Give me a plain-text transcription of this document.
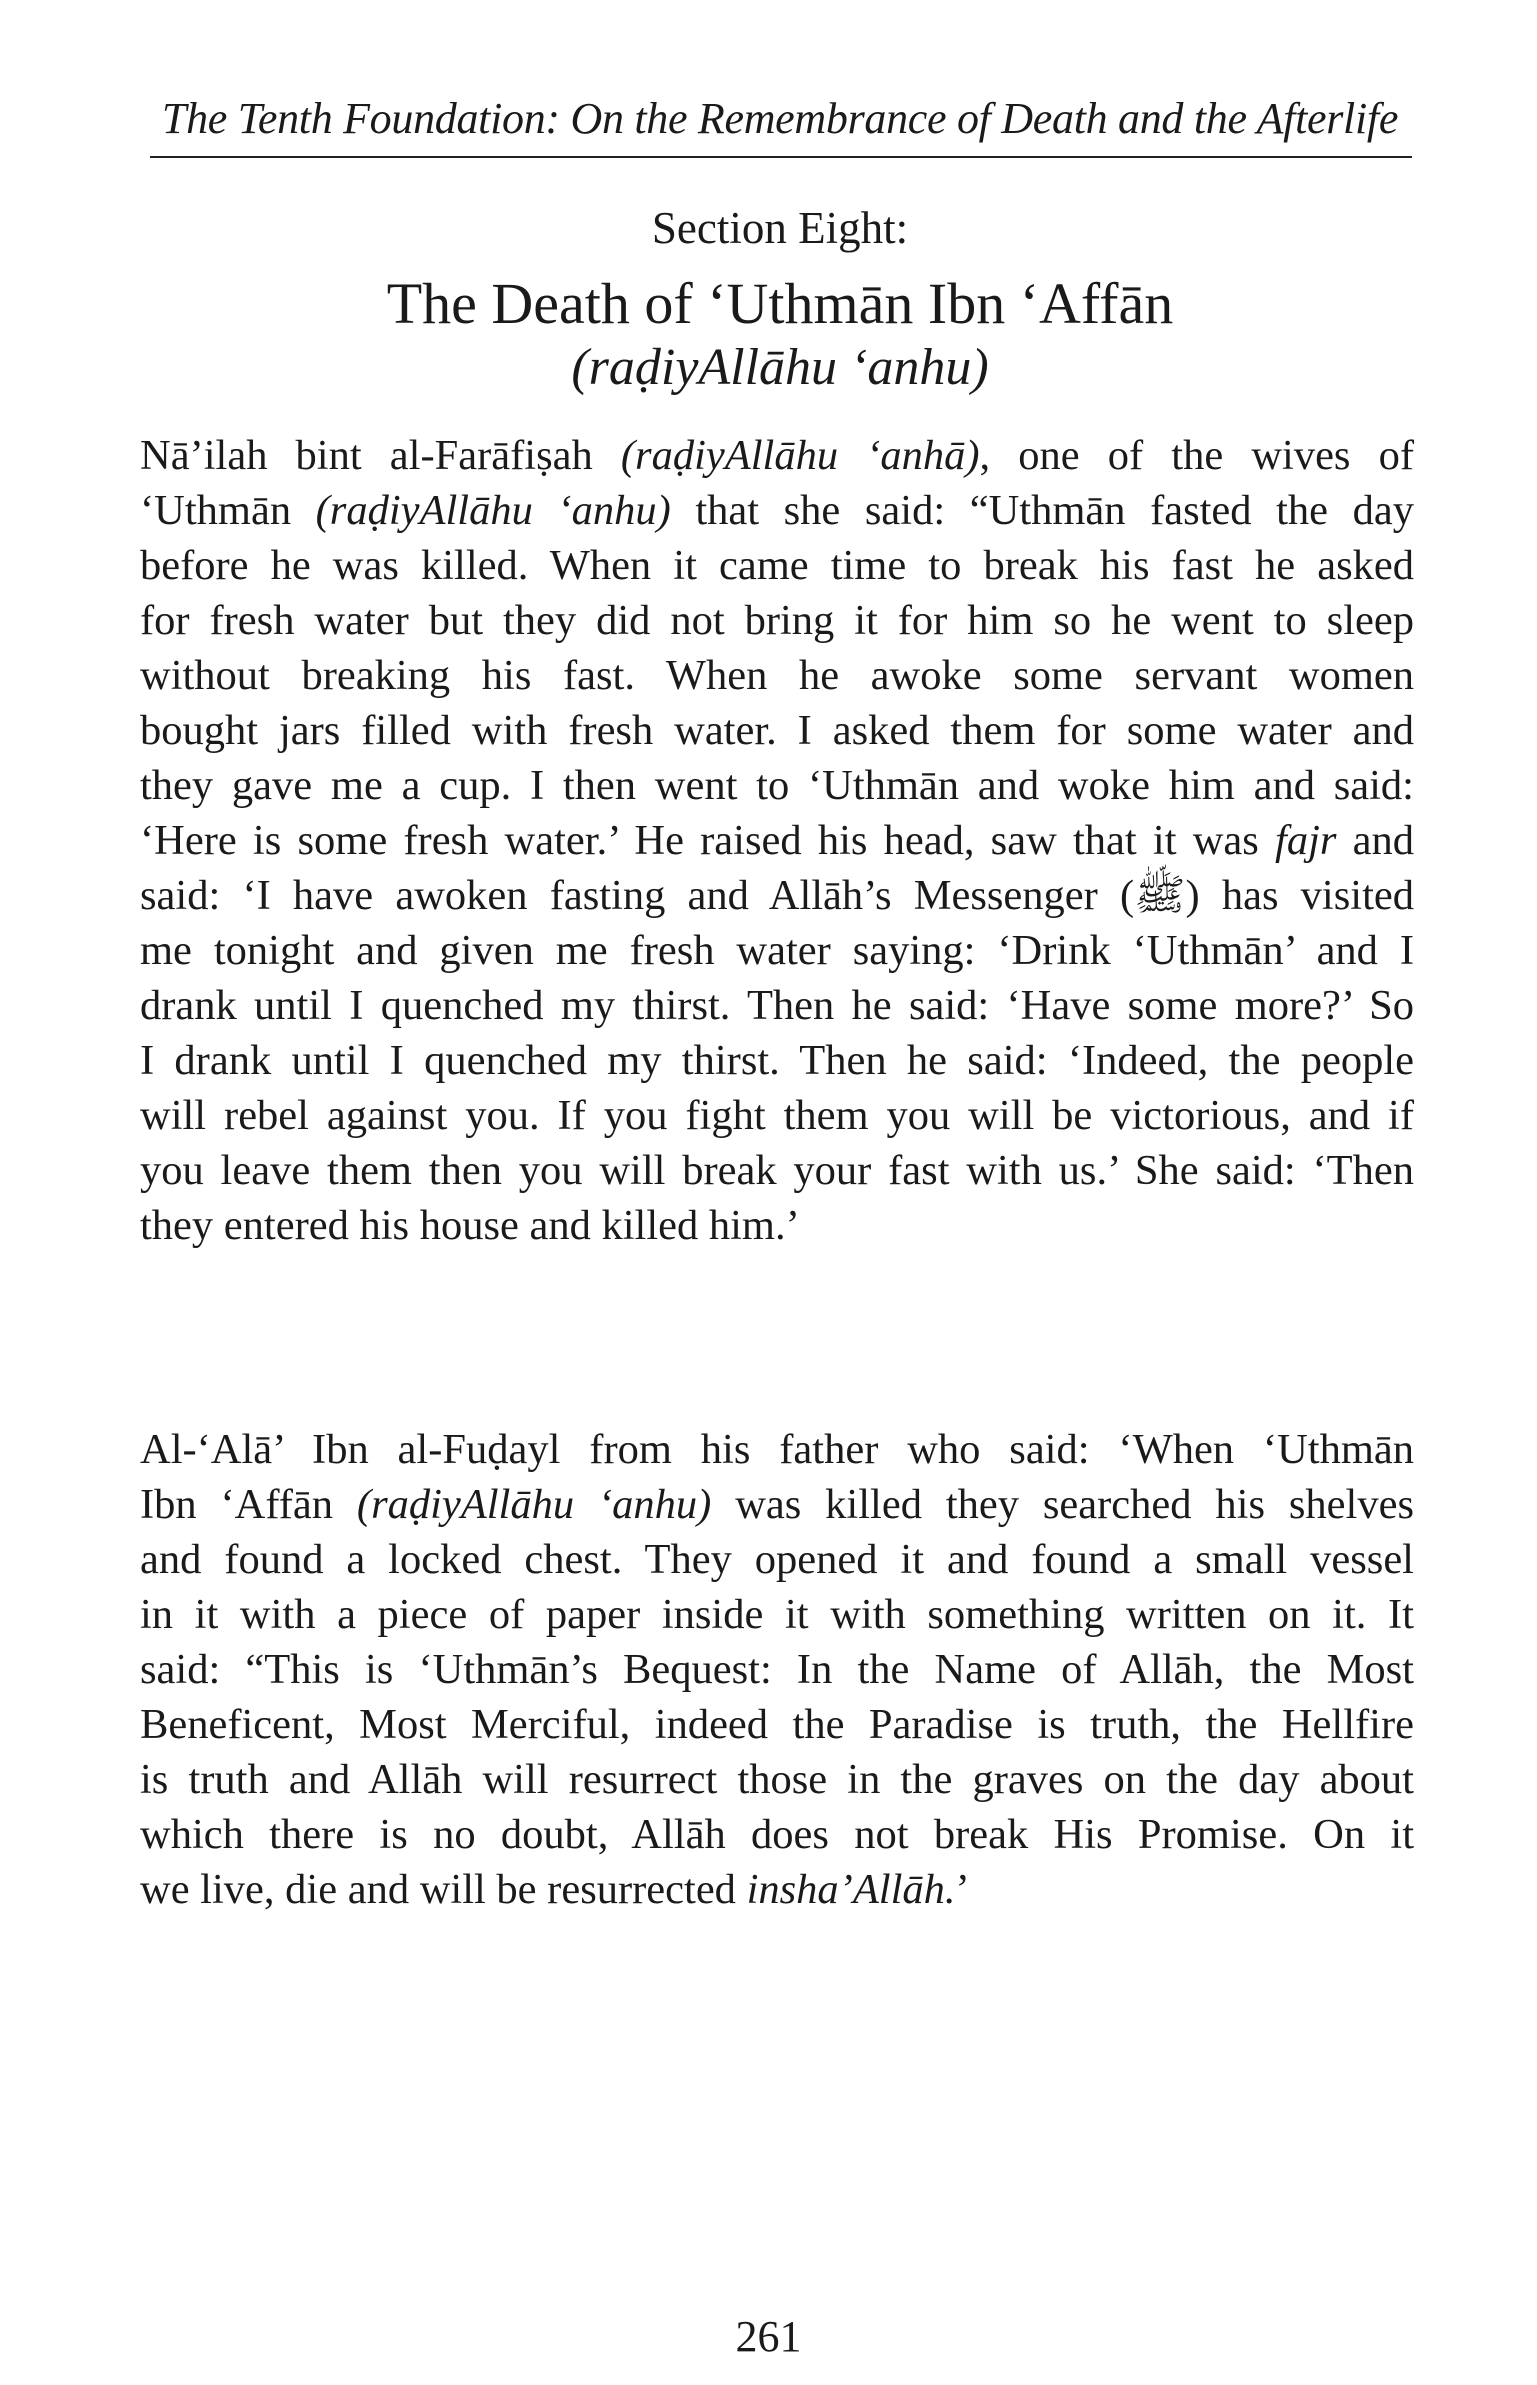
The Tenth Foundation: On the Remembrance of Death and the Afterlife
Section Eight:
The Death of ‘Uthmān Ibn ‘Affān
(raḍiyAllāhu ‘anhu)
Nā’ilah bint al-Farāfiṣah (raḍiyAllāhu ‘anhā), one of the wives of
‘Uthmān (raḍiyAllāhu ‘anhu) that she said: “Uthmān fasted the day
before he was killed. When it came time to break his fast he asked
for fresh water but they did not bring it for him so he went to sleep
without breaking his fast. When he awoke some servant women
bought jars filled with fresh water. I asked them for some water and
they gave me a cup. I then went to ‘Uthmān and woke him and said:
‘Here is some fresh water.’ He raised his head, saw that it was fajr and
said: ‘I have awoken fasting and Allāh’s Messenger (ﷺ) has visited
me tonight and given me fresh water saying: ‘Drink ‘Uthmān’ and I
drank until I quenched my thirst. Then he said: ‘Have some more?’ So
I drank until I quenched my thirst. Then he said: ‘Indeed, the people
will rebel against you. If you fight them you will be victorious, and if
you leave them then you will break your fast with us.’ She said: ‘Then
they entered his house and killed him.’
Al-‘Alā’ Ibn al-Fuḍayl from his father who said: ‘When ‘Uthmān
Ibn ‘Affān (raḍiyAllāhu ‘anhu) was killed they searched his shelves
and found a locked chest. They opened it and found a small vessel
in it with a piece of paper inside it with something written on it. It
said: “This is ‘Uthmān’s Bequest: In the Name of Allāh, the Most
Beneficent, Most Merciful, indeed the Paradise is truth, the Hellfire
is truth and Allāh will resurrect those in the graves on the day about
which there is no doubt, Allāh does not break His Promise. On it
we live, die and will be resurrected insha’Allāh.’
261
